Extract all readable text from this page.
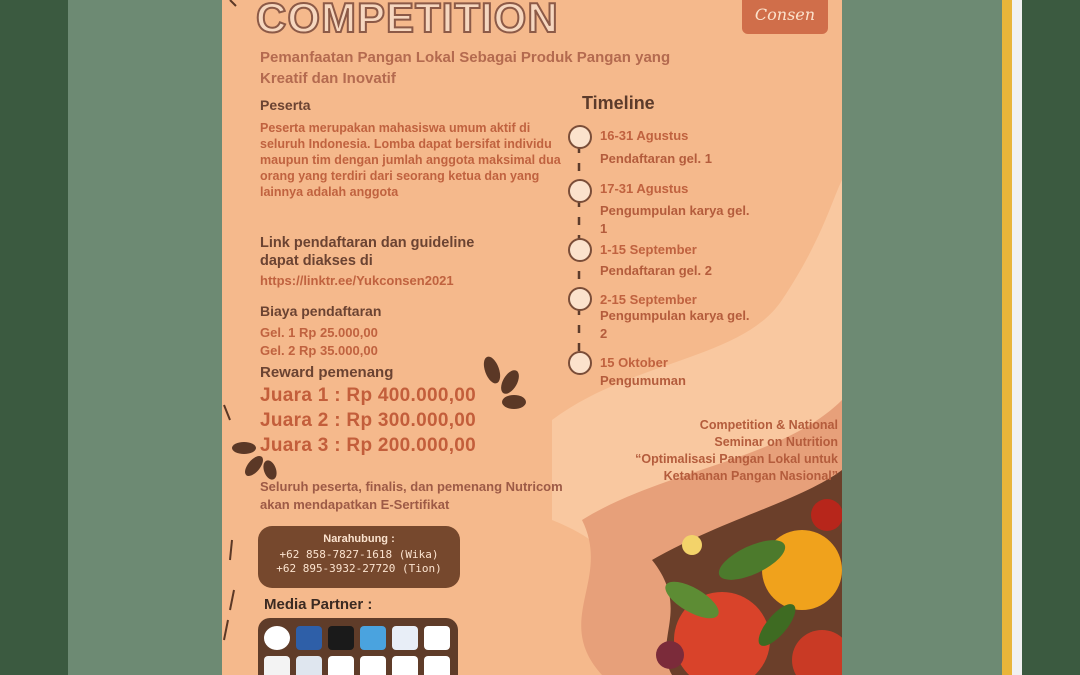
COMPETITION	Consen
Pemanfaatan Pangan Lokal Sebagai Produk Pangan yang Kreatif dan Inovatif
Peserta
Peserta merupakan mahasiswa umum aktif di seluruh Indonesia. Lomba dapat bersifat individu maupun tim dengan jumlah anggota maksimal dua orang yang terdiri dari seorang ketua dan yang lainnya adalah anggota
Link pendaftaran dan guideline dapat diakses di
https://linktr.ee/Yukconsen2021
Biaya pendaftaran
Gel. 1 Rp 25.000,00
Gel. 2 Rp 35.000,00
Reward pemenang
Juara 1 : Rp 400.000,00
Juara 2 : Rp 300.000,00
Juara 3 : Rp 200.000,00
Seluruh peserta, finalis, dan pemenang Nutricom akan mendapatkan E-Sertifikat
Narahubung :
+62 858-7827-1618 (Wika)
+62 895-3932-27720 (Tion)
Media Partner :
Timeline
16-31 Agustus
Pendaftaran gel. 1
17-31 Agustus
Pengumpulan karya gel. 1
1-15 September
Pendaftaran gel. 2
2-15 September
Pengumpulan karya gel. 2
15 Oktober
Pengumuman
Competition & National
Seminar on Nutrition
“Optimalisasi Pangan Lokal untuk
Ketahanan Pangan Nasional”
